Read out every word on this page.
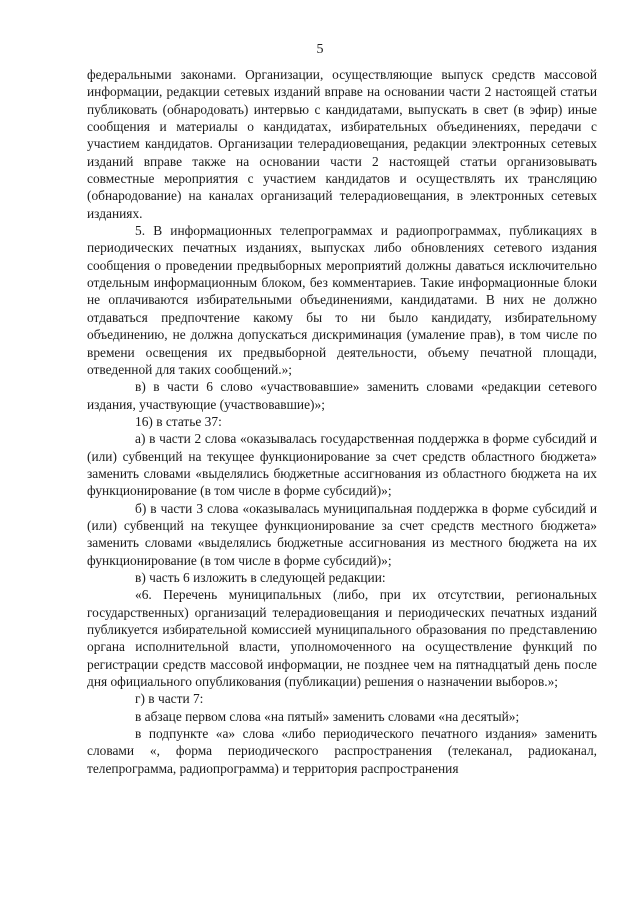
5

федеральными законами. Организации, осуществляющие выпуск средств массовой информации, редакции сетевых изданий вправе на основании части 2 настоящей статьи публиковать (обнародовать) интервью с кандидатами, выпускать в свет (в эфир) иные сообщения и материалы о кандидатах, избирательных объединениях, передачи с участием кандидатов. Организации телерадиовещания, редакции электронных сетевых изданий вправе также на основании части 2 настоящей статьи организовывать совместные мероприятия с участием кандидатов и осуществлять их трансляцию (обнародование) на каналах организаций телерадиовещания, в электронных сетевых изданиях.

5. В информационных телепрограммах и радиопрограммах, публикациях в периодических печатных изданиях, выпусках либо обновлениях сетевого издания сообщения о проведении предвыборных мероприятий должны даваться исключительно отдельным информационным блоком, без комментариев. Такие информационные блоки не оплачиваются избирательными объединениями, кандидатами. В них не должно отдаваться предпочтение какому бы то ни было кандидату, избирательному объединению, не должна допускаться дискриминация (умаление прав), в том числе по времени освещения их предвыборной деятельности, объему печатной площади, отведенной для таких сообщений.»;

в) в части 6 слово «участвовавшие» заменить словами «редакции сетевого издания, участвующие (участвовавшие)»;

16) в статье 37:

а) в части 2 слова «оказывалась государственная поддержка в форме субсидий и (или) субвенций на текущее функционирование за счет средств областного бюджета» заменить словами «выделялись бюджетные ассигнования из областного бюджета на их функционирование (в том числе в форме субсидий)»;

б) в части 3 слова «оказывалась муниципальная поддержка в форме субсидий и (или) субвенций на текущее функционирование за счет средств местного бюджета» заменить словами «выделялись бюджетные ассигнования из местного бюджета на их функционирование (в том числе в форме субсидий)»;

в) часть 6 изложить в следующей редакции:

«6. Перечень муниципальных (либо, при их отсутствии, региональных государственных) организаций телерадиовещания и периодических печатных изданий публикуется избирательной комиссией муниципального образования по представлению органа исполнительной власти, уполномоченного на осуществление функций по регистрации средств массовой информации, не позднее чем на пятнадцатый день после дня официального опубликования (публикации) решения о назначении выборов.»;

г) в части 7:

в абзаце первом слова «на пятый» заменить словами «на десятый»;

в подпункте «а» слова «либо периодического печатного издания» заменить словами «, форма периодического распространения (телеканал, радиоканал, телепрограмма, радиопрограмма) и территория распространения
